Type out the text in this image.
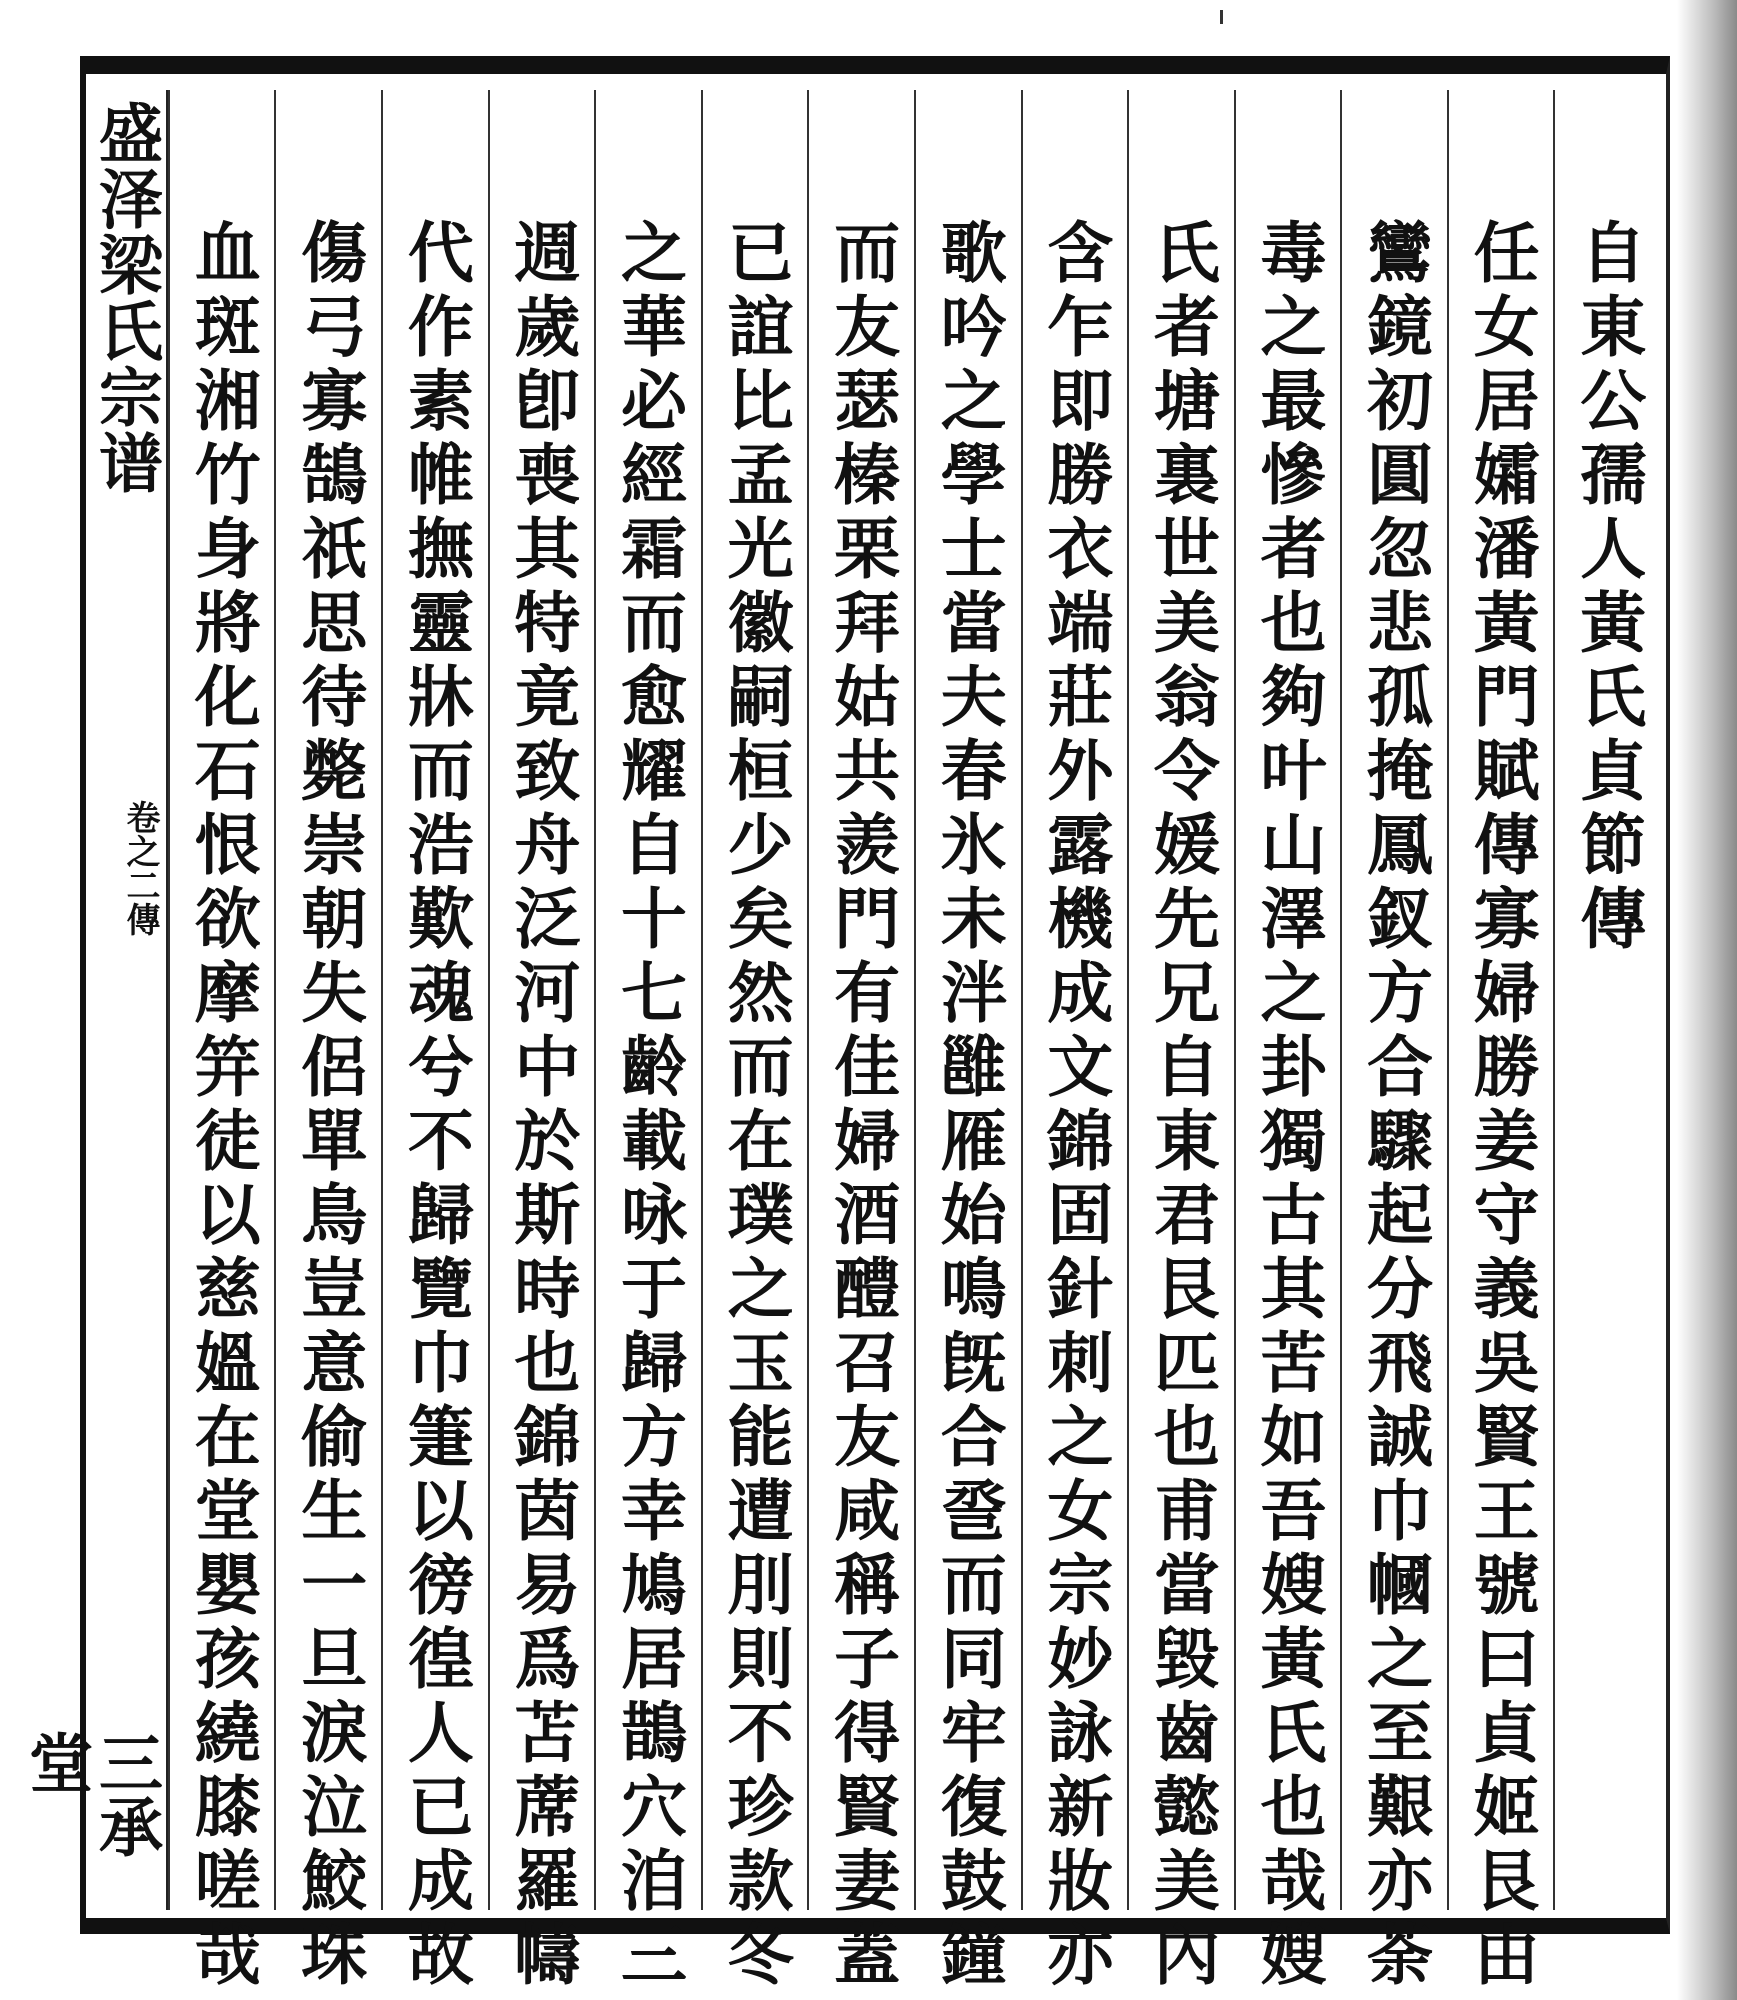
盛泽梁氏宗谱
三承堂
卷之二傳	自東公孺人黃氏貞節傳
任女居孀潘黃門賦傳寡婦勝姜守義吳賢王號曰貞姬艮由
鸞鏡初圓忽悲孤掩鳳釵方合驟起分飛誠巾幗之至艱亦荼
毒之最慘者也夠叶山澤之卦獨古其苦如吾嫂黃氏也哉嫂
氏者塘裏世美翁令媛先兄自東君艮匹也甫當毀齒懿美內
含乍即勝衣端莊外露機成文錦固針刺之女宗妙詠新妝亦
歌吟之學士當夫春氷未泮雝雁始鳴旣合巹而同牢復鼓鐘
而友瑟榛栗拜姑共羨門有佳婦酒醴召友咸稱子得賢妻蓋
已誼比孟光徽嗣桓少矣然而在璞之玉能遭刖則不珍款冬
之華必經霜而愈耀自十七齡載咏于歸方幸鳩居鵲穴洎三
週歲卽喪其特竟致舟泛河中於斯時也錦茵易爲苫蓆羅幬
代作素帷撫靈牀而浩歎魂兮不歸覽巾箑以徬徨人已成故
傷弓寡鵠祇思待斃崇朝失侶單鳥豈意偷生一旦淚泣鮫珠
血斑湘竹身將化石恨欲摩笄徒以慈媼在堂嬰孩繞膝嗟哉
